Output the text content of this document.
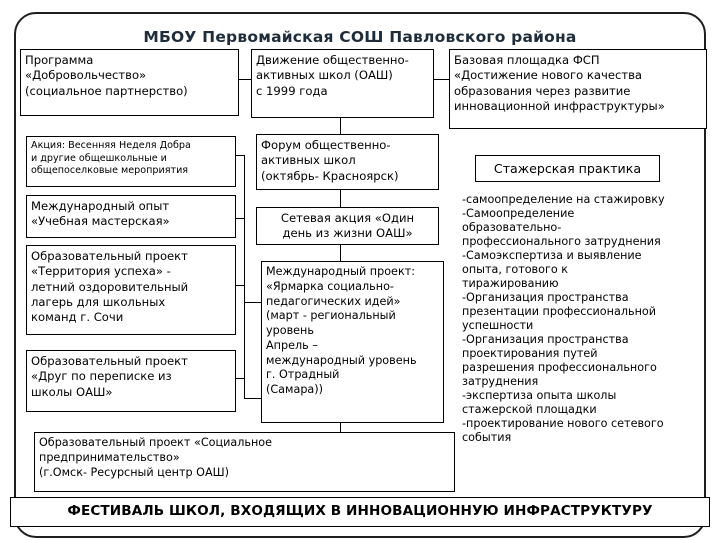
МБОУ Первомайская СОШ Павловского района
Программа
«Добровольчество»
(социальное партнерство)
Акция: Весенняя Неделя Добра
и другие общешкольные и
общепоселковые мероприятия
Международный опыт
«Учебная мастерская»
Образовательный проект
«Территория успеха» -
летний оздоровительный
лагерь для школьных
команд г. Сочи
Образовательный проект
«Друг по переписке из
школы ОАШ»
Движение общественно-
активных школ (ОАШ)
с 1999 года
Форум общественно-
активных школ
(октябрь- Красноярск)
Сетевая акция «Один
день из жизни ОАШ»
Международный проект:
«Ярмарка социально-
педагогических идей»
(март - региональный
уровень
Апрель –
международный уровень
г. Отрадный
(Самара))
Образовательный проект «Социальное
предпринимательство»
(г.Омск- Ресурсный центр ОАШ)
Базовая площадка ФСП
«Достижение нового качества
образования через развитие
инновационной инфраструктуры»
Стажерская практика
-самоопределение на стажировку
-Самоопределение
образовательно-
профессионального затруднения
-Самоэкспертиза и выявление
опыта, готового к
тиражированию
-Организация пространства
презентации профессиональной
успешности
-Организация пространства
проектирования путей
разрешения профессионального
затруднения
-экспертиза опыта школы
стажерской площадки
-проектирование нового сетевого
события
ФЕСТИВАЛЬ ШКОЛ, ВХОДЯЩИХ В ИННОВАЦИОННУЮ ИНФРАСТРУКТУРУ
